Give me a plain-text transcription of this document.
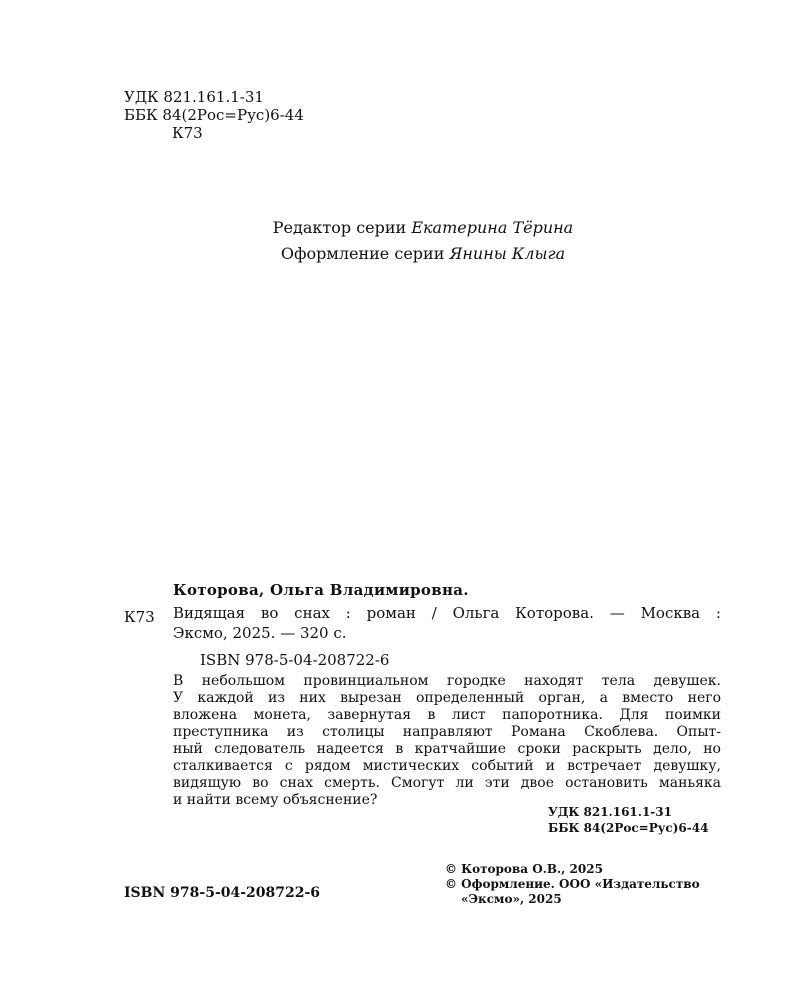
УДК 821.161.1-31
ББК 84(2Рос=Рус)6-44
К73
Редактор серии Екатерина Тёрина
Оформление серии Янины Клыга
Которова, Ольга Владимировна.
К73 Видящая во снах : роман / Ольга Которова. — Москва :
Эксмо, 2025. — 320 с.
ISBN 978-5-04-208722-6
В небольшом провинциальном городке находят тела девушек.
У каждой из них вырезан определенный орган, а вместо него
вложена монета, завернутая в лист папоротника. Для поимки
преступника из столицы направляют Романа Скоблева. Опыт-
ный следователь надеется в кратчайшие сроки раскрыть дело, но
сталкивается с рядом мистических событий и встречает девушку,
видящую во снах смерть. Смогут ли эти двое остановить маньяка
и найти всему объяснение?
УДК 821.161.1-31
ББК 84(2Рос=Рус)6-44
© Которова О.В., 2025
© Оформление. ООО «Издательство
«Эксмо», 2025
ISBN 978-5-04-208722-6
